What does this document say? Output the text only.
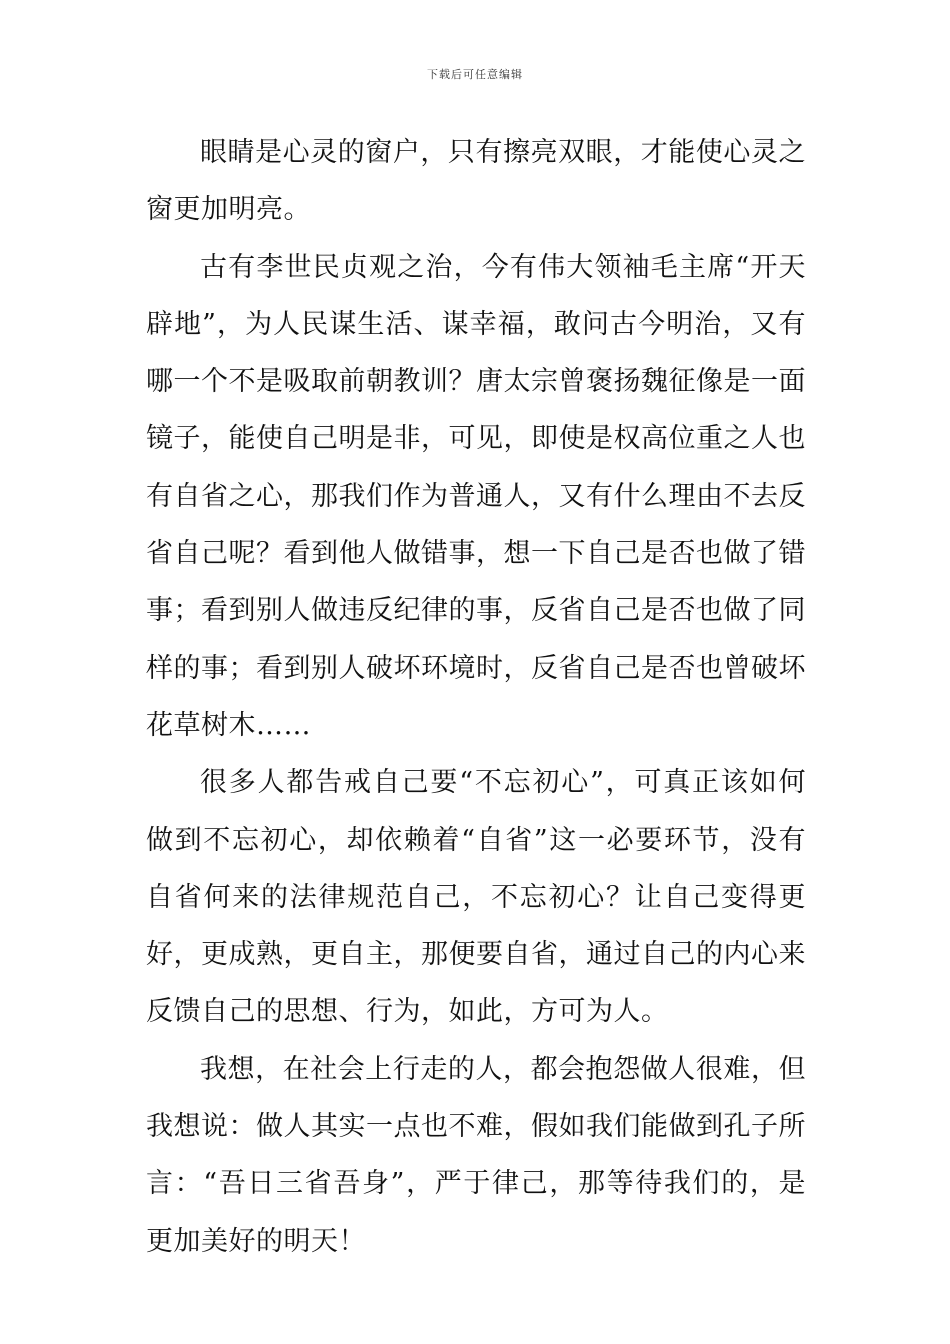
下载后可任意编辑

眼睛是心灵的窗户，只有擦亮双眼，才能使心灵之窗更加明亮。

古有李世民贞观之治，今有伟大领袖毛主席“开天辟地”，为人民谋生活、谋幸福，敢问古今明治，又有哪一个不是吸取前朝教训？唐太宗曾褒扬魏征像是一面镜子，能使自己明是非，可见，即使是权高位重之人也有自省之心，那我们作为普通人，又有什么理由不去反省自己呢？看到他人做错事，想一下自己是否也做了错事；看到别人做违反纪律的事，反省自己是否也做了同样的事；看到别人破坏环境时，反省自己是否也曾破坏花草树木……

很多人都告戒自己要“不忘初心”，可真正该如何做到不忘初心，却依赖着“自省”这一必要环节，没有自省何来的法律规范自己，不忘初心？让自己变得更好，更成熟，更自主，那便要自省，通过自己的内心来反馈自己的思想、行为，如此，方可为人。

我想，在社会上行走的人，都会抱怨做人很难，但我想说：做人其实一点也不难，假如我们能做到孔子所言：“吾日三省吾身”，严于律己，那等待我们的，是更加美好的明天！
